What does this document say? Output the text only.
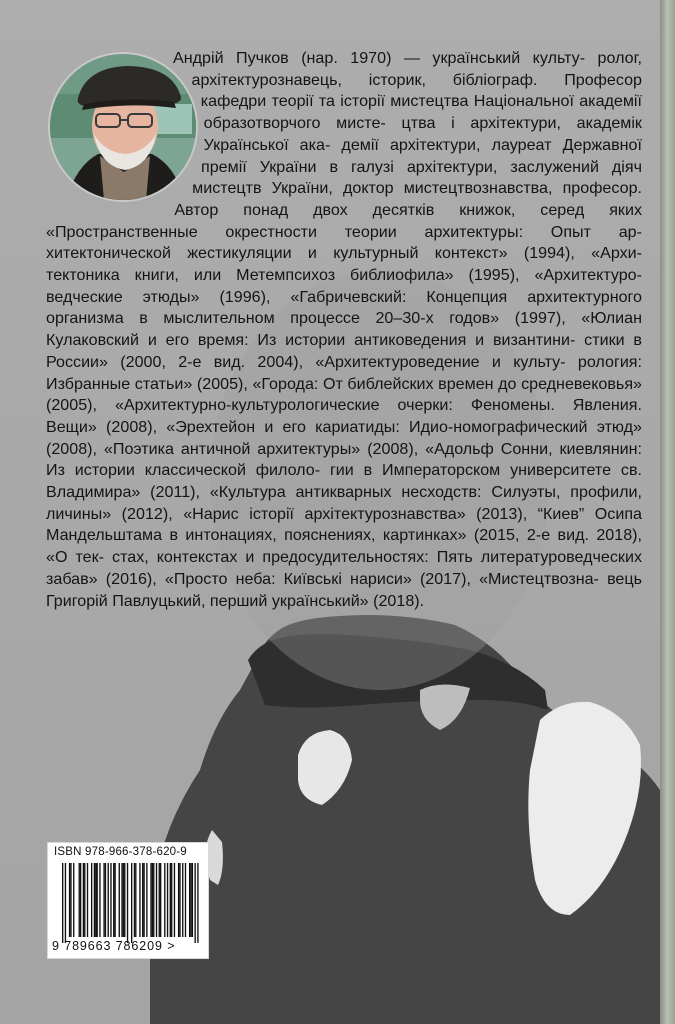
Андрій Пучков (нар. 1970) — український культу- ролог, архітектурознавець, історик, бібліограф. Професор кафедри теорії та історії мистецтва Національної академії образотворчого мисте- цтва і архітектури, академік Української ака- демії архітектури, лауреат Державної премії України в галузі архітектури, заслужений діяч мистецтв України, доктор мистецтвознавства, професор. Автор понад двох десятків книжок, серед яких «Пространственные окрестности теории архитектуры: Опыт ар- хитектонической жестикуляции и культурный контекст» (1994), «Архи- тектоника книги, или Метемпсихоз библиофила» (1995), «Архитектуро- ведческие этюды» (1996), «Габричевский: Концепция архитектурного организма в мыслительном процессе 20–30-х годов» (1997), «Юлиан Кулаковский и его время: Из истории антиковедения и византини- стики в России» (2000, 2-е вид. 2004), «Архитектуроведение и культу- рология: Избранные статьи» (2005), «Города: От библейских времен до средневековья» (2005), «Архитектурно-культурологические очерки: Феномены. Явления. Вещи» (2008), «Эрехтейон и его кариатиды: Идио-номографический этюд» (2008), «Поэтика античной архитектуры» (2008), «Адольф Сонни, киевлянин: Из истории классической филоло- гии в Императорском университете св. Владимира» (2011), «Культура антикварных несходств: Силуэты, профили, личины» (2012), «Нарис історії архітектурознавства» (2013), “Киев” Осипа Мандельштама в интонациях, пояснениях, картинках» (2015, 2-е вид. 2018), «О тек- стах, контекстах и предосудительностях: Пять литературоведческих забав» (2016), «Просто неба: Київські нариси» (2017), «Мистецтвозна- вець Григорій Павлуцький, перший український» (2018).

ISBN 978-966-378-620-9
9 789663 786209 >
